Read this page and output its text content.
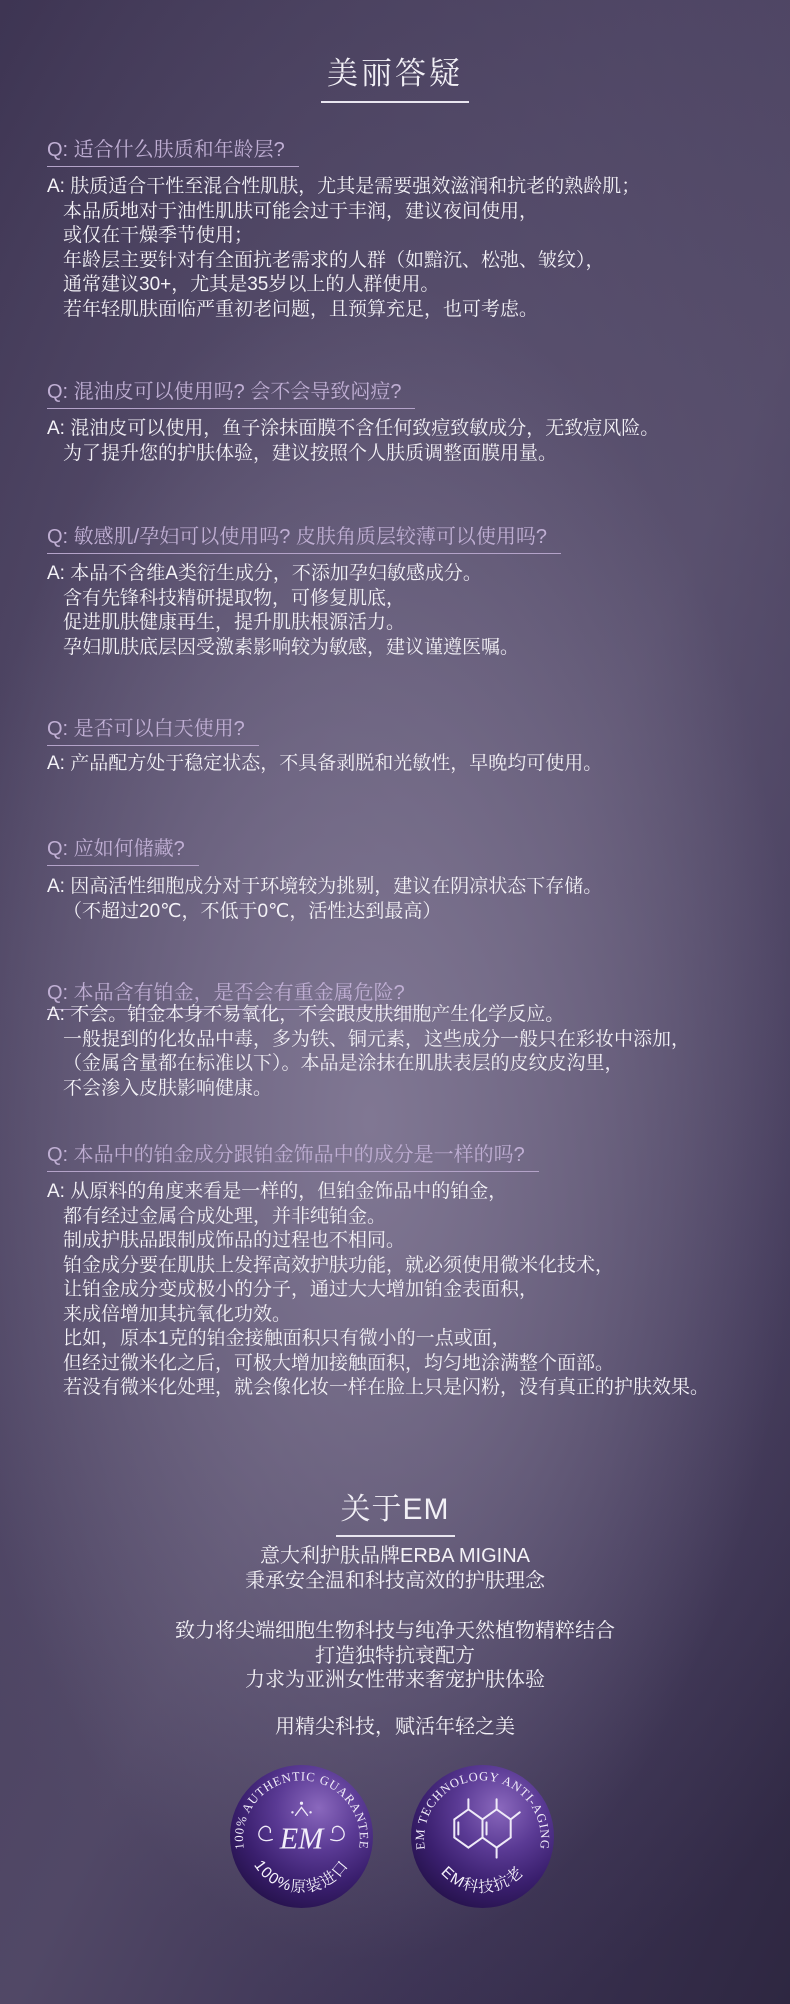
美丽答疑
Q: 适合什么肤质和年龄层?
A: 肤质适合干性至混合性肌肤，尤其是需要强效滋润和抗老的熟龄肌；
本品质地对于油性肌肤可能会过于丰润，建议夜间使用，
或仅在干燥季节使用；
年龄层主要针对有全面抗老需求的人群（如黯沉、松弛、皱纹），
通常建议30+，尤其是35岁以上的人群使用。
若年轻肌肤面临严重初老问题，且预算充足，也可考虑。
Q: 混油皮可以使用吗? 会不会导致闷痘?
A: 混油皮可以使用，鱼子涂抹面膜不含任何致痘致敏成分，无致痘风险。
为了提升您的护肤体验，建议按照个人肤质调整面膜用量。
Q: 敏感肌/孕妇可以使用吗? 皮肤角质层较薄可以使用吗?
A: 本品不含维A类衍生成分，不添加孕妇敏感成分。
含有先锋科技精研提取物，可修复肌底，
促进肌肤健康再生，提升肌肤根源活力。
孕妇肌肤底层因受激素影响较为敏感，建议谨遵医嘱。
Q: 是否可以白天使用?
A: 产品配方处于稳定状态，不具备剥脱和光敏性，早晚均可使用。
Q: 应如何储藏?
A: 因高活性细胞成分对于环境较为挑剔，建议在阴凉状态下存储。
（不超过20℃，不低于0℃，活性达到最高）
Q: 本品含有铂金，是否会有重金属危险?
A: 不会。铂金本身不易氧化，不会跟皮肤细胞产生化学反应。
一般提到的化妆品中毒，多为铁、铜元素，这些成分一般只在彩妆中添加，
（金属含量都在标准以下）。本品是涂抹在肌肤表层的皮纹皮沟里，
不会渗入皮肤影响健康。
Q: 本品中的铂金成分跟铂金饰品中的成分是一样的吗?
A: 从原料的角度来看是一样的，但铂金饰品中的铂金，
都有经过金属合成处理，并非纯铂金。
制成护肤品跟制成饰品的过程也不相同。
铂金成分要在肌肤上发挥高效护肤功能，就必须使用微米化技术，
让铂金成分变成极小的分子，通过大大增加铂金表面积，
来成倍增加其抗氧化功效。
比如，原本1克的铂金接触面积只有微小的一点或面，
但经过微米化之后，可极大增加接触面积，均匀地涂满整个面部。
若没有微米化处理，就会像化妆一样在脸上只是闪粉，没有真正的护肤效果。
关于EM
意大利护肤品牌ERBA MIGINA
秉承安全温和科技高效的护肤理念
致力将尖端细胞生物科技与纯净天然植物精粹结合
打造独特抗衰配方
力求为亚洲女性带来奢宠护肤体验
用精尖科技，赋活年轻之美
100% AUTHENTIC GUARANTEE
EM
100%原装进口
EM TECHNOLOGY ANTI-AGING
EM科技抗老
